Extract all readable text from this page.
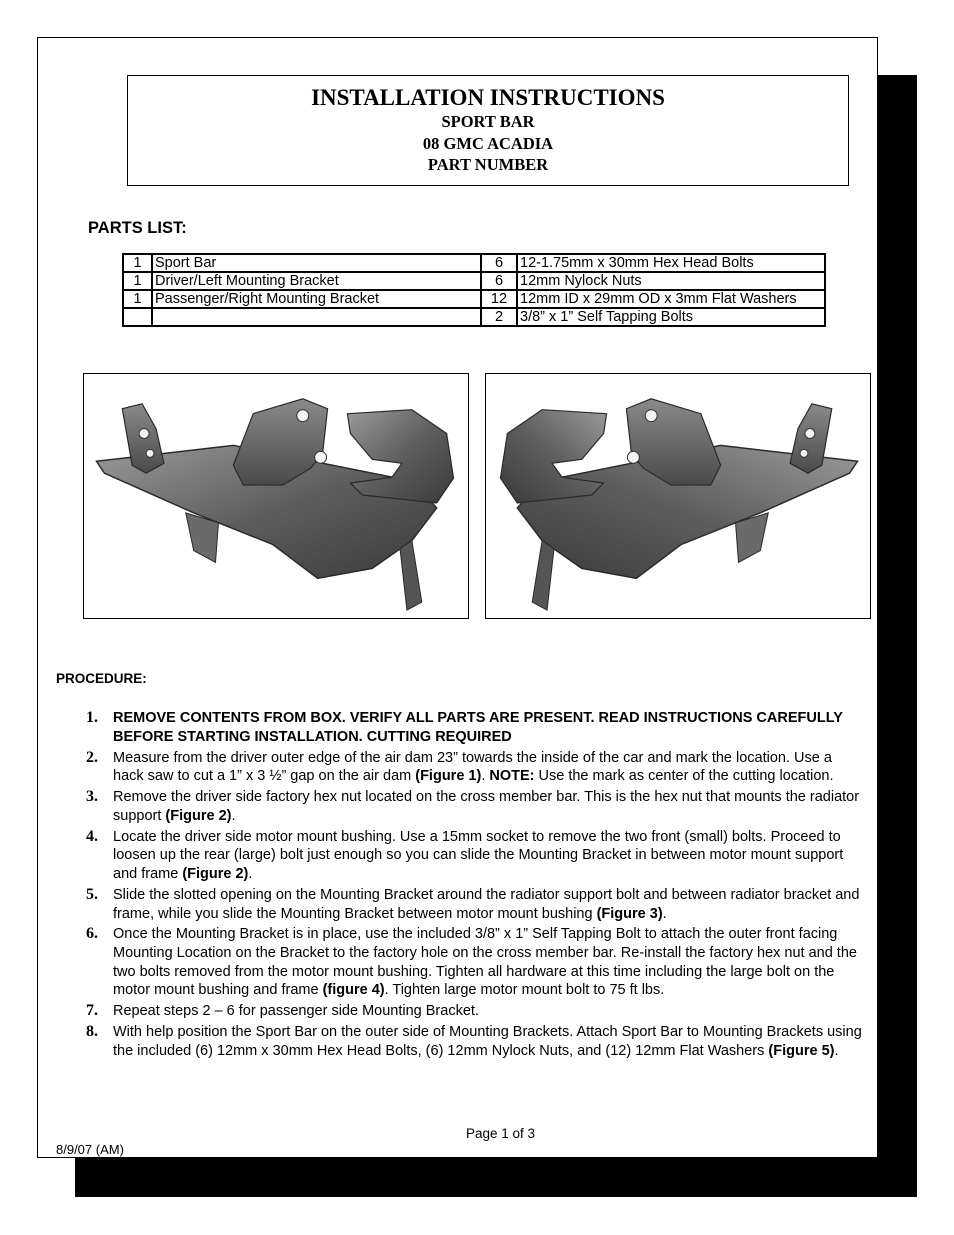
INSTALLATION INSTRUCTIONS
SPORT BAR
08 GMC ACADIA
PART NUMBER
PARTS LIST:
1	Sport Bar	6	12-1.75mm x 30mm Hex Head Bolts
1	Driver/Left Mounting Bracket	6	12mm Nylock Nuts
1	Passenger/Right Mounting Bracket	12	12mm ID x 29mm OD x 3mm Flat Washers
		2	3/8” x 1” Self Tapping Bolts
PROCEDURE:
1. REMOVE CONTENTS FROM BOX. VERIFY ALL PARTS ARE PRESENT. READ INSTRUCTIONS CAREFULLY BEFORE STARTING INSTALLATION. CUTTING REQUIRED
2. Measure from the driver outer edge of the air dam 23” towards the inside of the car and mark the location. Use a hack saw to cut a 1” x 3 ½” gap on the air dam (Figure 1). NOTE: Use the mark as center of the cutting location.
3. Remove the driver side factory hex nut located on the cross member bar. This is the hex nut that mounts the radiator support (Figure 2).
4. Locate the driver side motor mount bushing. Use a 15mm socket to remove the two front (small) bolts. Proceed to loosen up the rear (large) bolt just enough so you can slide the Mounting Bracket in between motor mount support and frame (Figure 2).
5. Slide the slotted opening on the Mounting Bracket around the radiator support bolt and between radiator bracket and frame, while you slide the Mounting Bracket between motor mount bushing (Figure 3).
6. Once the Mounting Bracket is in place, use the included 3/8” x 1” Self Tapping Bolt to attach the outer front facing Mounting Location on the Bracket to the factory hole on the cross member bar. Re-install the factory hex nut and the two bolts removed from the motor mount bushing. Tighten all hardware at this time including the large bolt on the motor mount bushing and frame (figure 4). Tighten large motor mount bolt to 75 ft lbs.
7. Repeat steps 2 – 6 for passenger side Mounting Bracket.
8. With help position the Sport Bar on the outer side of Mounting Brackets. Attach Sport Bar to Mounting Brackets using the included (6) 12mm x 30mm Hex Head Bolts, (6) 12mm Nylock Nuts, and (12) 12mm Flat Washers (Figure 5).
Page 1 of 3
8/9/07 (AM)
